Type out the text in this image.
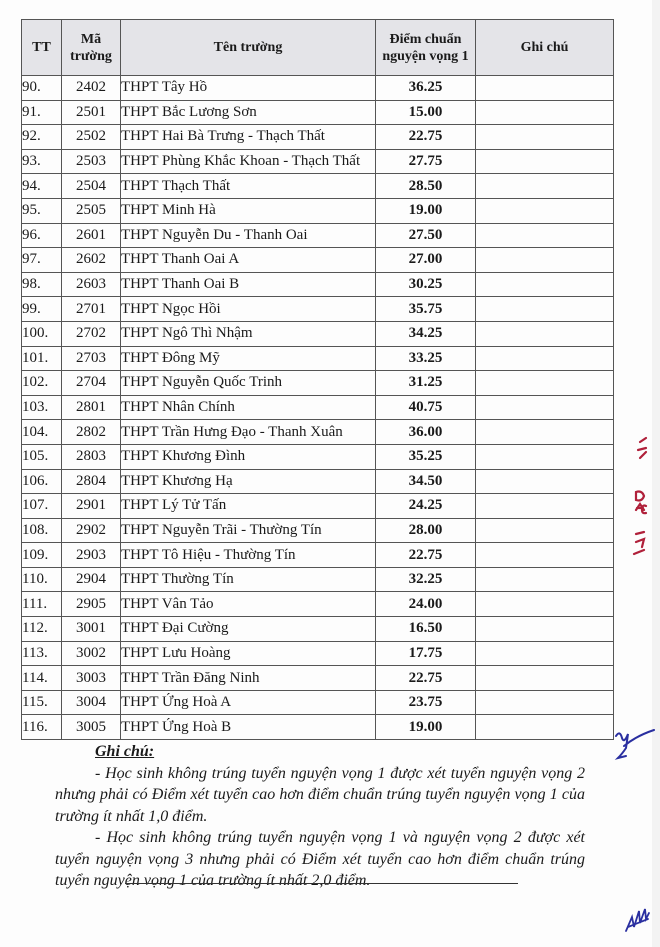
TT	Mã trường	Tên trường	Điểm chuẩn nguyện vọng 1	Ghi chú
90.	2402	THPT Tây Hồ	36.25	
91.	2501	THPT Bắc Lương Sơn	15.00	
92.	2502	THPT Hai Bà Trưng - Thạch Thất	22.75	
93.	2503	THPT Phùng Khắc Khoan - Thạch Thất	27.75	
94.	2504	THPT Thạch Thất	28.50	
95.	2505	THPT Minh Hà	19.00	
96.	2601	THPT Nguyễn Du - Thanh Oai	27.50	
97.	2602	THPT Thanh Oai A	27.00	
98.	2603	THPT Thanh Oai B	30.25	
99.	2701	THPT Ngọc Hồi	35.75	
100.	2702	THPT Ngô Thì Nhậm	34.25	
101.	2703	THPT Đông Mỹ	33.25	
102.	2704	THPT Nguyễn Quốc Trinh	31.25	
103.	2801	THPT Nhân Chính	40.75	
104.	2802	THPT Trần Hưng Đạo - Thanh Xuân	36.00	
105.	2803	THPT Khương Đình	35.25	
106.	2804	THPT Khương Hạ	34.50	
107.	2901	THPT Lý Tử Tấn	24.25	
108.	2902	THPT Nguyễn Trãi - Thường Tín	28.00	
109.	2903	THPT Tô Hiệu - Thường Tín	22.75	
110.	2904	THPT Thường Tín	32.25	
111.	2905	THPT Vân Tảo	24.00	
112.	3001	THPT Đại Cường	16.50	
113.	3002	THPT Lưu Hoàng	17.75	
114.	3003	THPT Trần Đăng Ninh	22.75	
115.	3004	THPT Ứng Hoà A	23.75	
116.	3005	THPT Ứng Hoà B	19.00	
Ghi chú:

- Học sinh không trúng tuyển nguyện vọng 1 được xét tuyển nguyện vọng 2 nhưng phải có Điểm xét tuyển cao hơn điểm chuẩn trúng tuyển nguyện vọng 1 của trường ít nhất 1,0 điểm.

- Học sinh không trúng tuyển nguyện vọng 1 và nguyện vọng 2 được xét tuyển nguyện vọng 3 nhưng phải có Điểm xét tuyển cao hơn điểm chuẩn trúng tuyển nguyện vọng 1 của trường ít nhất 2,0 điểm.
